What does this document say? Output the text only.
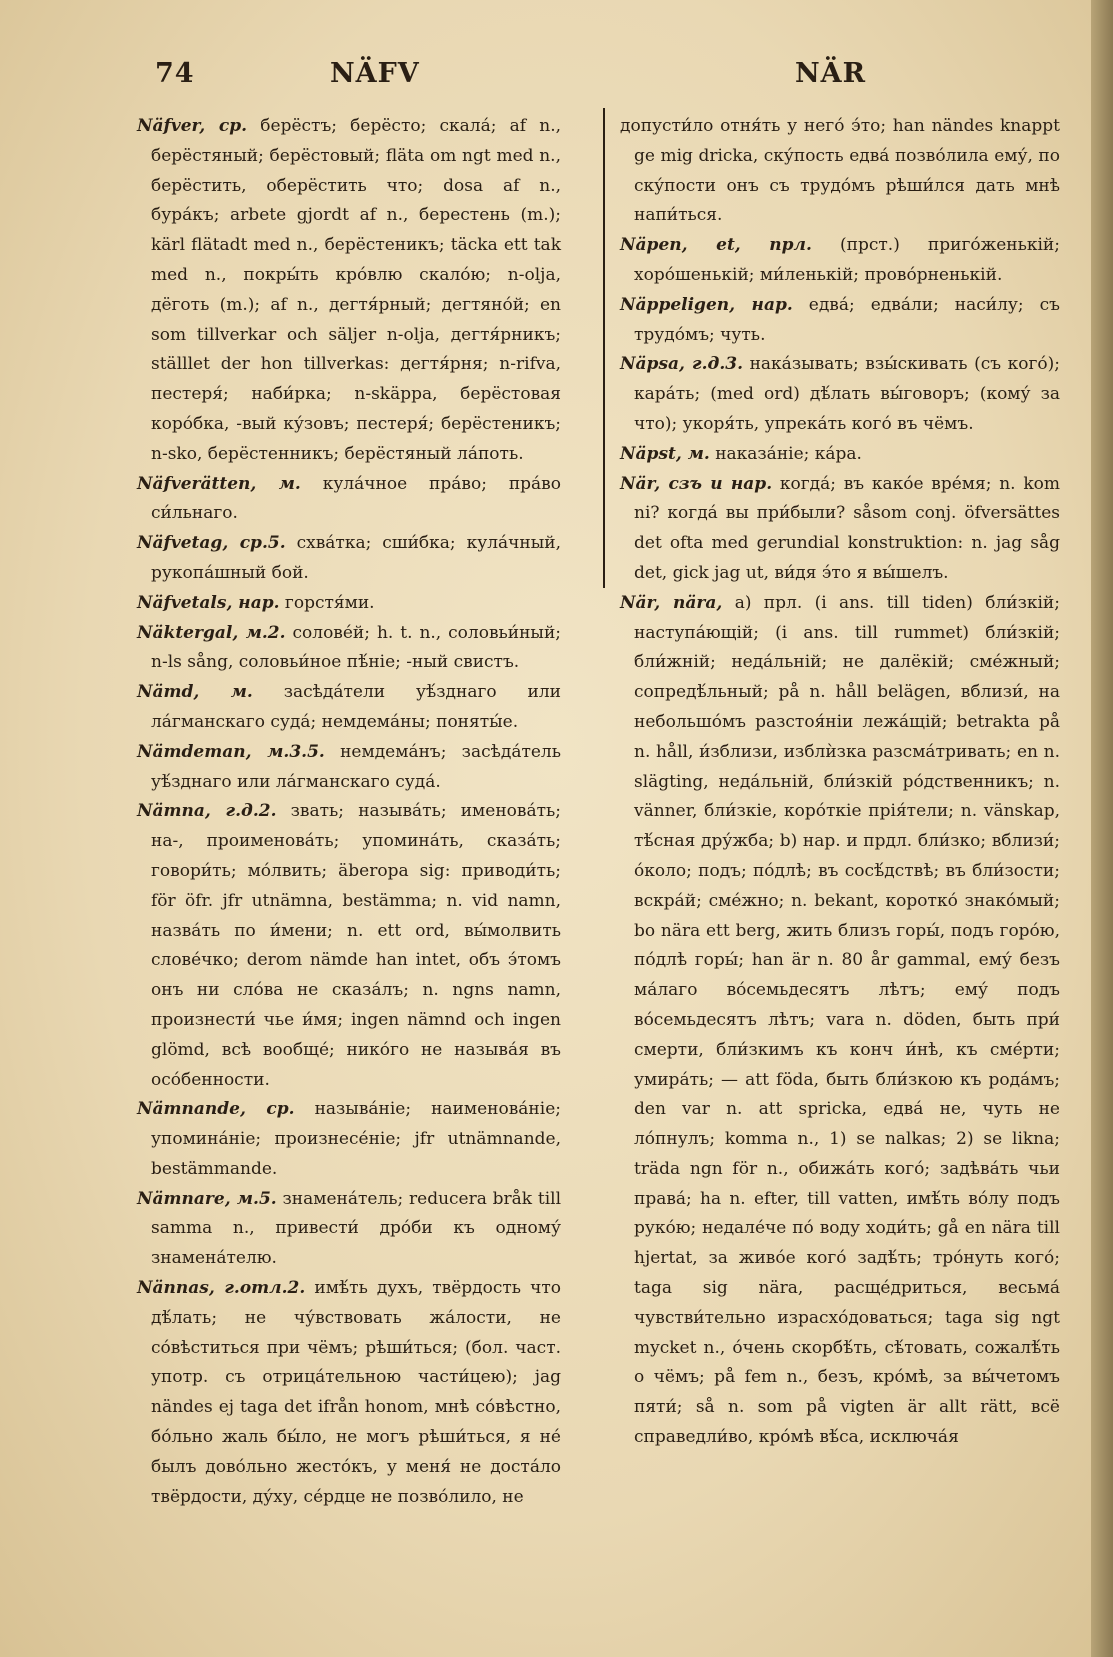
74	NÄFV	NÄR

Näfver, ср. берёстъ; берёсто; скала́; af n., берёстяный; берёстовый; fläta om ngt med n., берёстить, оберёстить что; dosa af n., бура́къ; arbete gjordt af n., берестень (m.); kärl flätadt med n., берёстеникъ; täcka ett tak med n., покры́ть кро́влю скало́ю; n-olja, дёготь (m.); af n., дегтя́рный; дегтяно́й; en som tillverkar och säljer n-olja, дегтя́рникъ; ställlet der hon tillverkas: дегтя́рня; n-rifva, пестеря́; наби́рка; n-skäppa, берёстовая коро́бка, -вый ку́зовъ; пестеря́; берёстеникъ; n-sko, берёстенникъ; берёстяный ла́поть.

Näfverätten, м. кула́чное пра́во; пра́во си́льнаго.

Näfvetag, ср.5. схва́тка; сши́бка; кула́чный, рукопа́шный бой.

Näfvetals, нар. горстя́ми.

Näktergal, м.2. солове́й; h. t. n., соловьи́ный; n-ls sång, соловьи́ное пѣ́ніе; -ный свистъ.

Nämd, м. засѣда́тели уѣ́зднаго или ла́гманскаго суда́; немдема́ны; поняты́е.

Nämdeman, м.3.5. немдема́нъ; засѣда́тель уѣ́зднаго или ла́гманскаго суда́.

Nämna, г.д.2. звать; называ́ть; именова́ть; на-, проименова́ть; упомина́ть, сказа́ть; говори́ть; мо́лвить; äberopa sig: приводи́ть; för öfr. jfr utnämna, bestämma; n. vid namn, назва́ть по и́мени; n. ett ord, вы́молвить слове́чко; derom nämde han intet, объ э́томъ онъ ни сло́ва не сказа́лъ; n. ngns namn, произнести́ чье и́мя; ingen nämnd och ingen glömd, всѣ вообще́; нико́го не называ́я въ осо́бенности.

Nämnande, ср. называ́ніе; наименова́ніе; упомина́ніе; произнесе́ніе; jfr utnämnande, bestämmande.

Nämnare, м.5. знамена́тель; reducera bråk till samma n., привести́ дро́би къ одному́ знамена́телю.

Nännas, г.отл.2. имѣ́ть духъ, твёрдость что дѣ́лать; не чу́вствовать жа́лости, не со́вѣститься при чёмъ; рѣши́ться; (бол. част. употр. съ отрица́тельною части́цею); jag nändes ej taga det ifrån honom, мнѣ со́вѣстно, бо́льно жаль бы́ло, не могъ рѣши́ться, я не́ былъ дово́льно жесто́къ, у меня́ не доста́ло твёрдости, ду́ху, се́рдце не позво́лило, не

допусти́ло отня́ть у него́ э́то; han nändes knappt ge mig dricka, ску́пость едва́ позво́лила ему́, по ску́пости онъ съ трудо́мъ рѣши́лся дать мнѣ напи́ться.

Näpen, et, прл. (прст.) приго́женькій; хоро́шенькій; ми́ленькій; прово́рненькій.

Näppeligen, нар. едва́; едва́ли; наси́лу; съ трудо́мъ; чуть.

Näpsa, г.д.3. нака́зывать; взы́скивать (съ кого́); кара́ть; (med ord) дѣ́лать вы́говоръ; (кому́ за что); укоря́ть, упрека́ть кого́ въ чёмъ.

Näpst, м. наказа́ніе; ка́ра.

När, сзъ и нар. когда́; въ како́е вре́мя; n. kom ni? когда́ вы при́были? såsom conj. öfversättes det ofta med gerundial konstruktion: n. jag såg det, gick jag ut, ви́дя э́то я вы́шелъ.

När, nära, a) прл. (i ans. till tiden) бли́зкій; наступа́ющій; (i ans. till rummet) бли́зкій; бли́жній; неда́льній; не далёкій; сме́жный; сопредѣ́льный; på n. håll belägen, вблизи́, на небольшо́мъ разстоя́ніи лежа́щій; betrakta på n. håll, и́зблизи, изблѝзка разсма́тривать; en n. slägting, неда́льній, бли́зкій ро́дственникъ; n. vänner, бли́зкіе, коро́ткіе прія́тели; n. vänskap, тѣ́сная дру́жба; b) нар. и прдл. бли́зко; вблизи́; о́коло; подъ; по́длѣ; въ сосѣ́дствѣ; въ бли́зости; вскра́й; сме́жно; n. bekant, коротко́ знако́мый; bo nära ett berg, жить близъ горы́, подъ горо́ю, по́длѣ горы́; han är n. 80 år gammal, ему́ безъ ма́лаго во́семьдесятъ лѣтъ; ему́ подъ во́семьдесятъ лѣтъ; vara n. döden, быть при́ смерти, бли́зкимъ къ конч и́нѣ, къ сме́рти; умира́ть; — att föda, быть бли́зкою къ рода́мъ; den var n. att spricka, едва́ не, чуть не ло́пнулъ; komma n., 1) se nalkas; 2) se likna; träda ngn för n., обижа́ть кого́; задѣва́ть чьи права́; ha n. efter, till vatten, имѣ́ть во́лу подъ руко́ю; недале́че по́ воду ходи́ть; gå en nära till hjertat, за живо́е кого́ задѣ́ть; тро́нуть кого́; taga sig nära, расще́дриться, весьма́ чувстви́тельно израсхо́доваться; taga sig ngt mycket n., о́чень скорбѣ́ть, сѣ́товать, сожалѣ́ть о чёмъ; på fem n., безъ, кро́мѣ, за вы́четомъ пяти́; så n. som på vigten är allt rätt, всё справедли́во, кро́мѣ вѣ́са, исключа́я
